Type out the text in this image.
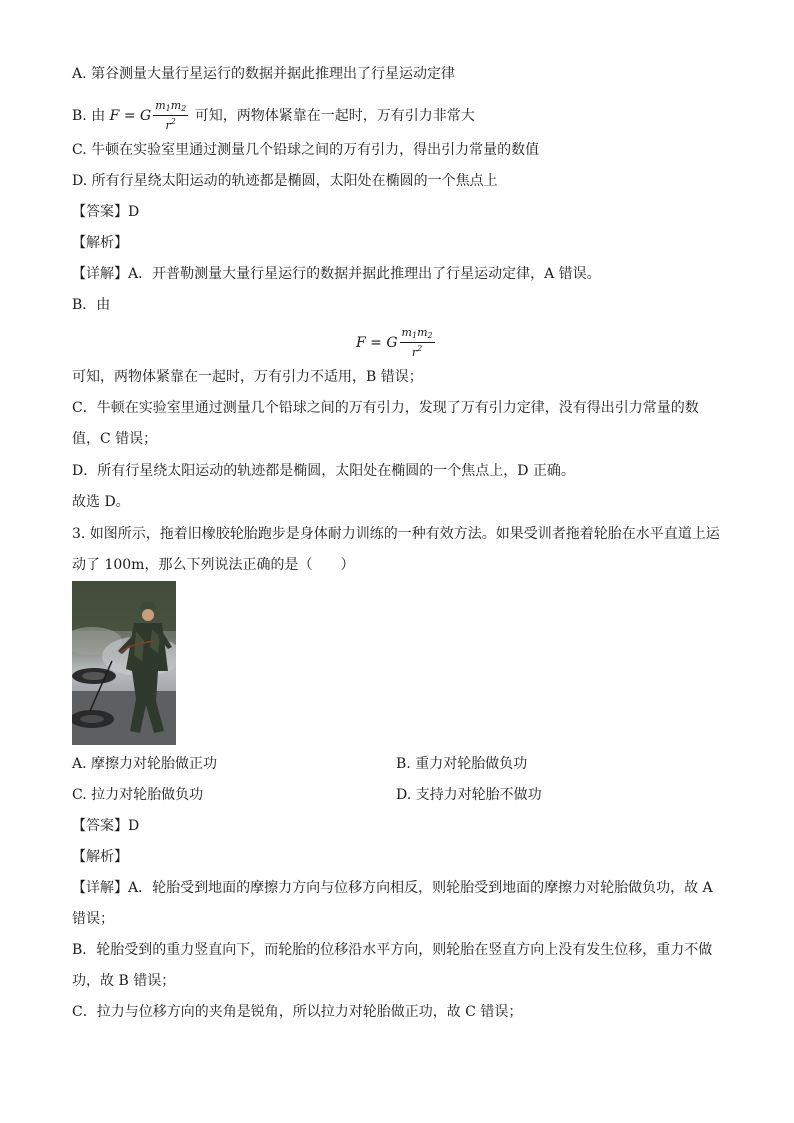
A. 第谷测量大量行星运行的数据并据此推理出了行星运动定律
B. 由 F = G $\frac{m_1m_2}{r^2}$ 可知，两物体紧靠在一起时，万有引力非常大
C. 牛顿在实验室里通过测量几个铅球之间的万有引力，得出引力常量的数值
D. 所有行星绕太阳运动的轨迹都是椭圆，太阳处在椭圆的一个焦点上
【答案】D
【解析】
【详解】A．开普勒测量大量行星运行的数据并据此推理出了行星运动定律，A 错误。
B．由
F = G $\frac{m_1m_2}{r^2}$
可知，两物体紧靠在一起时，万有引力不适用，B 错误；
C．牛顿在实验室里通过测量几个铅球之间的万有引力，发现了万有引力定律，没有得出引力常量的数
值，C 错误；
D．所有行星绕太阳运动的轨迹都是椭圆，太阳处在椭圆的一个焦点上，D 正确。
故选 D。
3. 如图所示，拖着旧橡胶轮胎跑步是身体耐力训练的一种有效方法。如果受训者拖着轮胎在水平直道上运
动了 100m，那么下列说法正确的是（　　）
A. 摩擦力对轮胎做正功	B. 重力对轮胎做负功
C. 拉力对轮胎做负功	D. 支持力对轮胎不做功
【答案】D
【解析】
【详解】A．轮胎受到地面的摩擦力方向与位移方向相反，则轮胎受到地面的摩擦力对轮胎做负功，故 A
错误；
B．轮胎受到的重力竖直向下，而轮胎的位移沿水平方向，则轮胎在竖直方向上没有发生位移，重力不做
功，故 B 错误；
C．拉力与位移方向的夹角是锐角，所以拉力对轮胎做正功，故 C 错误；
